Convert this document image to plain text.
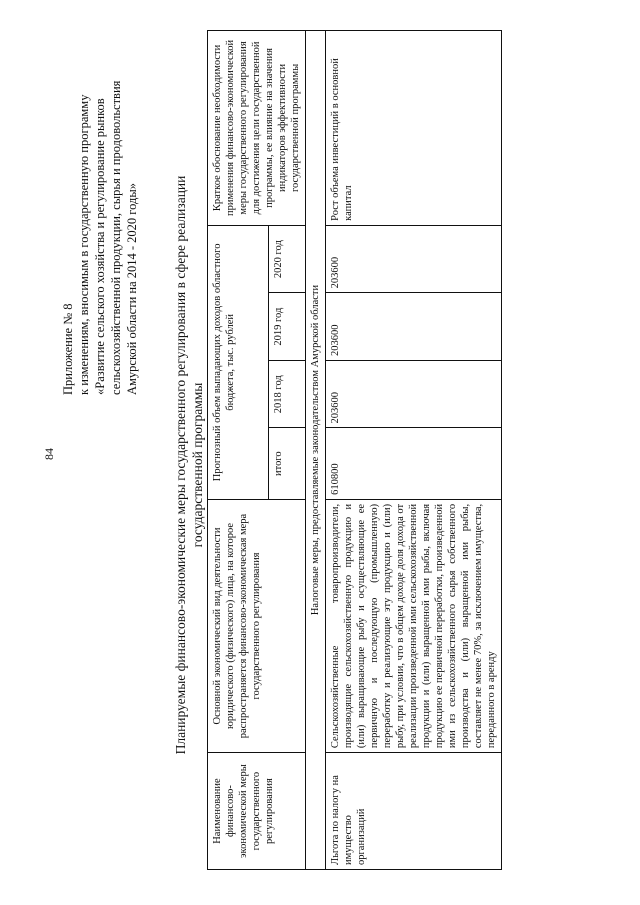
84
Приложение № 8 к изменениям, вносимым в государственную программу «Развитие сельского хозяйства и регулирование рынков сельскохозяйственной продукции, сырья и продовольствия Амурской области на 2014 - 2020 годы»	Планируемые финансово-экономические меры государственного регулирования в сфере реализации государственной программы
Наименование финансово-экономической меры государственного регулирования	Основной экономический вид деятельности юридического (физического) лица, на которое распространяется финансово-экономическая мера государственного регулирования	Прогнозный объем выпадающих доходов областного бюджета, тыс. рублей				Краткое обоснование необходимости применения финансово-экономической меры государственного регулирования для достижения цели государственной программы, ее влияние на значения индикаторов эффективности государственной программы
		итого	2018 год	2019 год	2020 год	
Налоговые меры, предоставляемые законодательством Амурской области						
Льгота по налогу на имущество организаций	Сельскохозяйственные товаропроизводители, производящие сельскохозяйственную продукцию и (или) выращивающие рыбу и осуществляющие ее первичную и последующую (промышленную) переработку и реализующие эту продукцию и (или) рыбу, при условии, что в общем доходе доля дохода от реализации произведенной ими сельскохозяйственной продукции и (или) выращенной ими рыбы, включая продукцию ее первичной переработки, произведенной ими из сельскохозяйственного сырья собственного производства и (или) выращенной ими рыбы, составляет не менее 70%, за исключением имущества, переданного в аренду	610800	203600	203600	203600	Рост объема инвестиций в основной капитал
